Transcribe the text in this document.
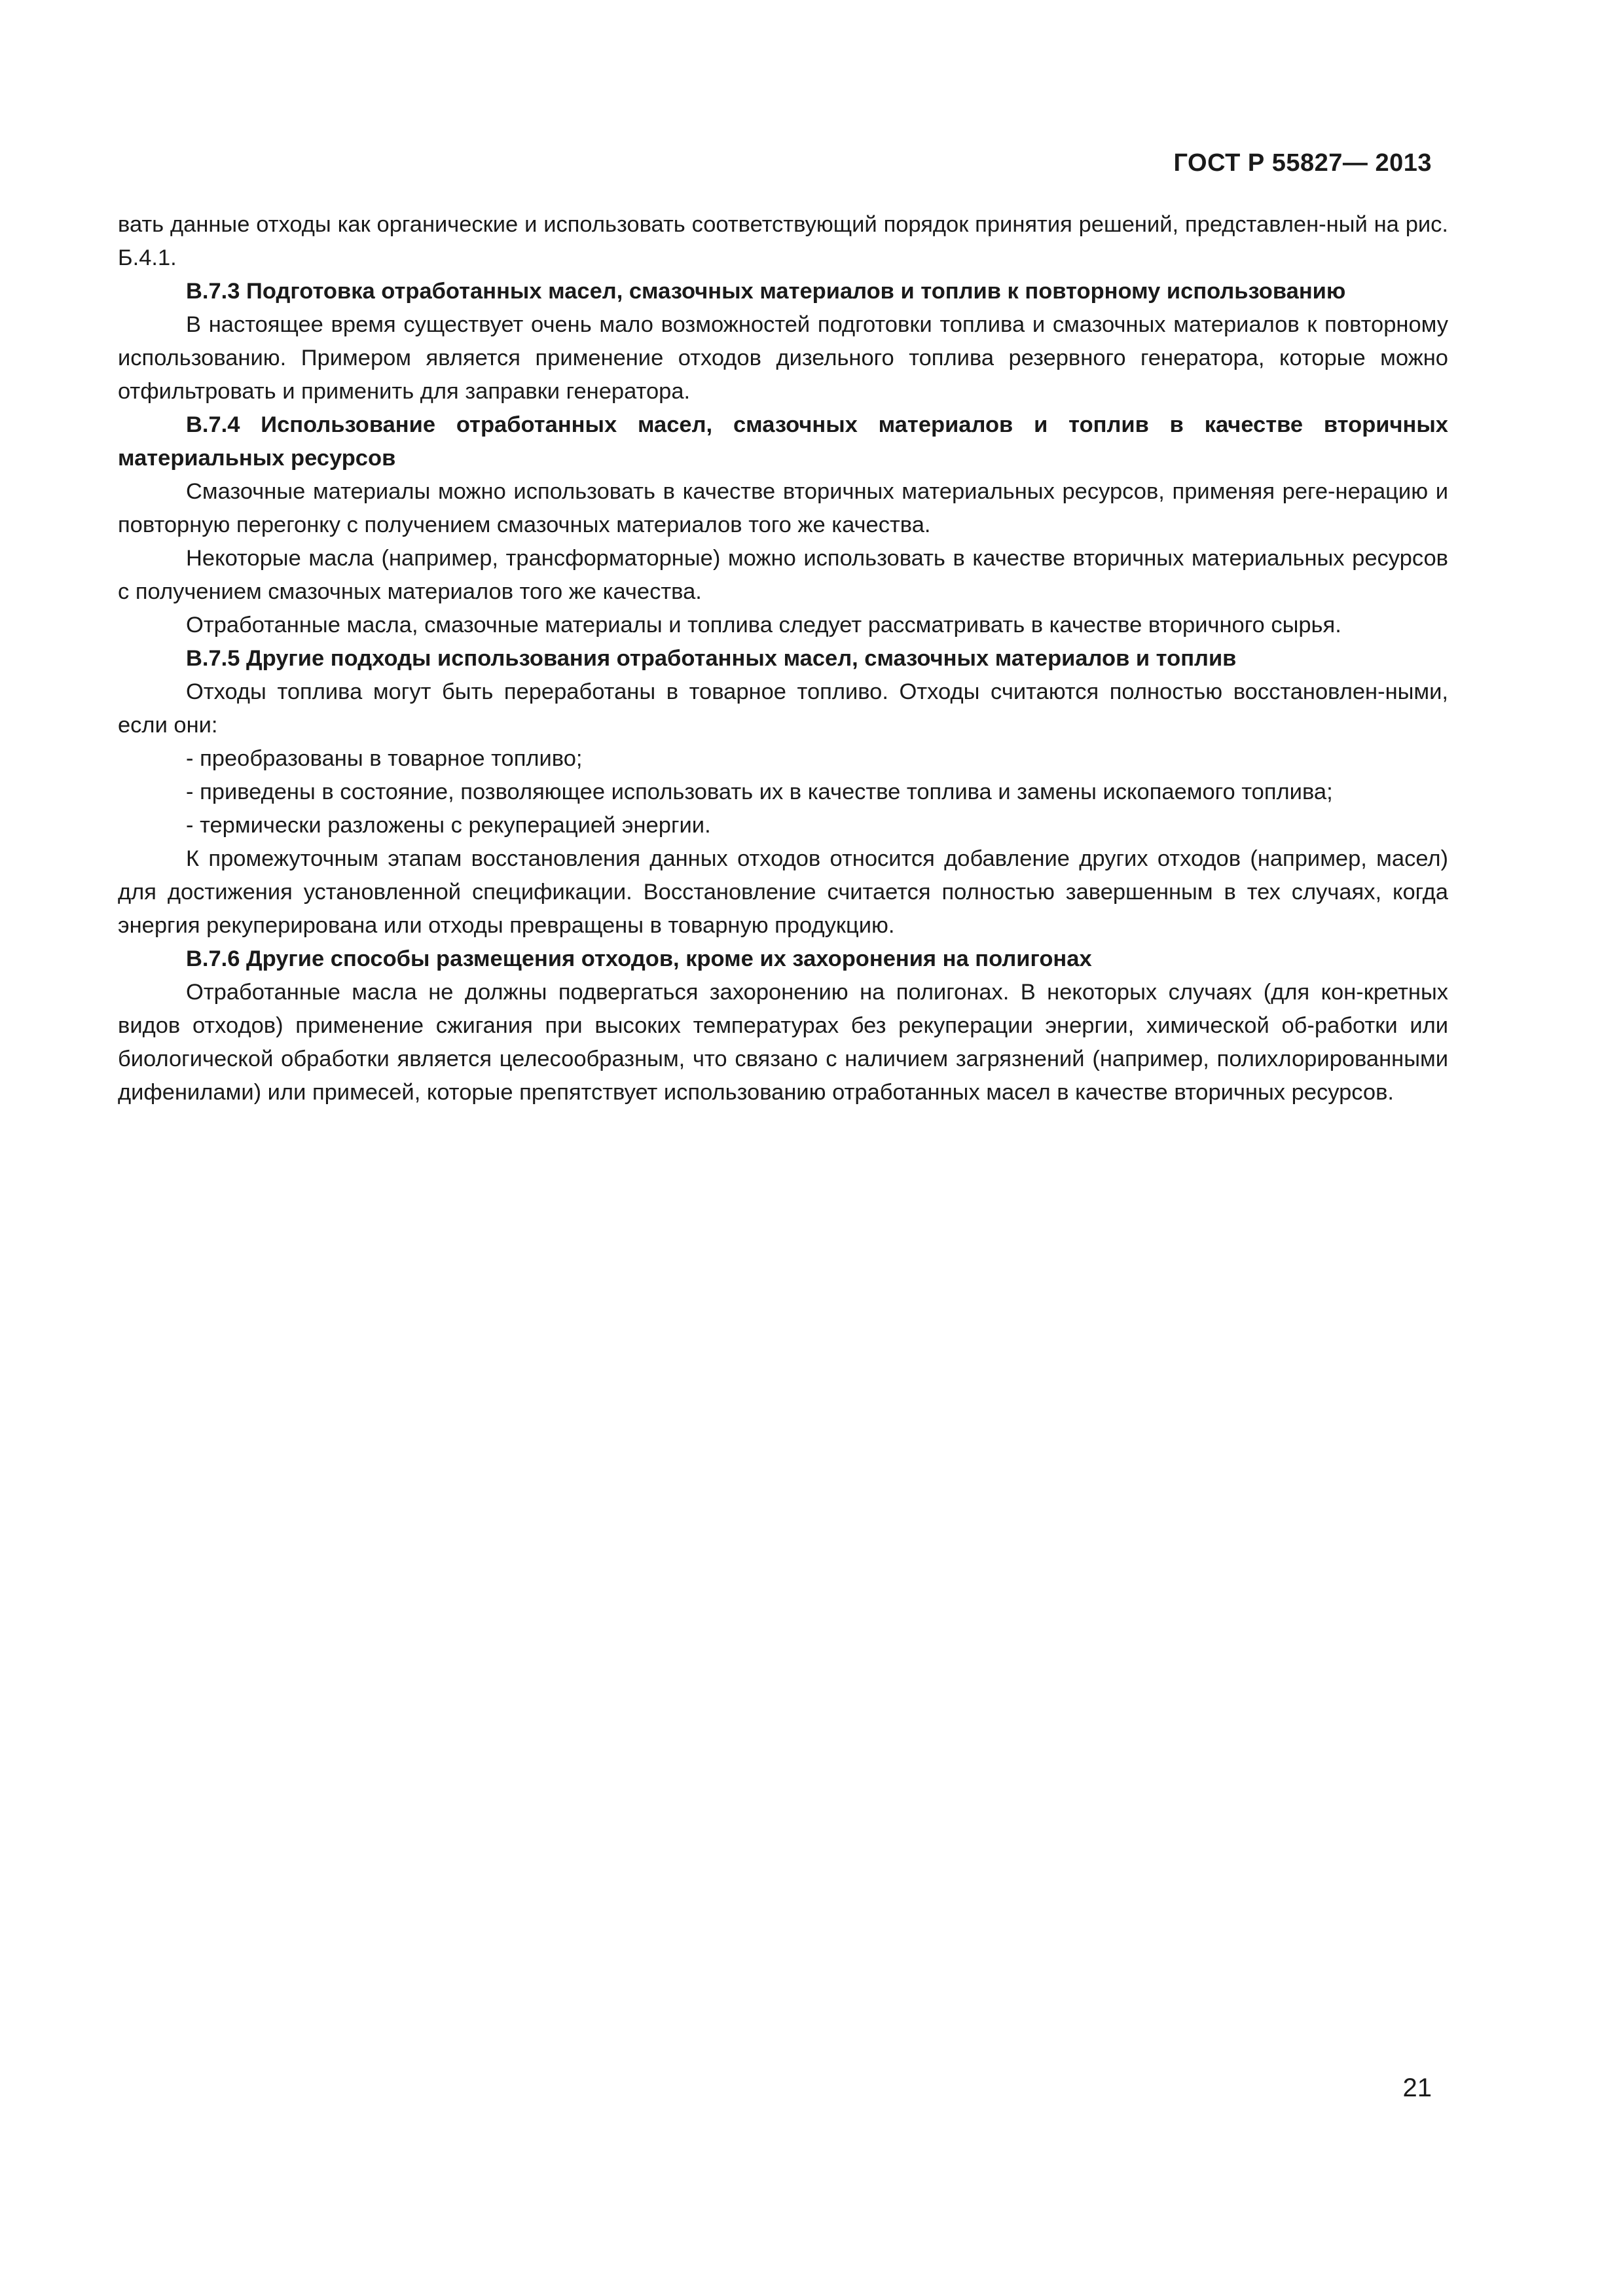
ГОСТ Р 55827— 2013

вать данные отходы как органические и использовать соответствующий порядок принятия решений, представлен-ный на рис. Б.4.1.

В.7.3 Подготовка отработанных масел, смазочных материалов и топлив к повторному использованию

В настоящее время существует очень мало возможностей подготовки топлива и смазочных материалов к повторному использованию. Примером является применение отходов дизельного топлива резервного генератора, которые можно отфильтровать и применить для заправки генератора.

В.7.4 Использование отработанных масел, смазочных материалов и топлив в качестве вторичных материальных ресурсов

Смазочные материалы можно использовать в качестве вторичных материальных ресурсов, применяя реге-нерацию и повторную перегонку с получением смазочных материалов того же качества.

Некоторые масла (например, трансформаторные) можно использовать в качестве вторичных материальных ресурсов с получением смазочных материалов того же качества.

Отработанные масла, смазочные материалы и топлива следует рассматривать в качестве вторичного сырья.

В.7.5 Другие подходы использования отработанных масел, смазочных материалов и топлив

Отходы топлива могут быть переработаны в товарное топливо. Отходы считаются полностью восстановлен-ными, если они:

- преобразованы в товарное топливо;

- приведены в состояние, позволяющее использовать их в качестве топлива и замены ископаемого топлива;

- термически разложены с рекуперацией энергии.

К промежуточным этапам восстановления данных отходов относится добавление других отходов (например, масел) для достижения установленной спецификации. Восстановление считается полностью завершенным в тех случаях, когда энергия рекуперирована или отходы превращены в товарную продукцию.

В.7.6 Другие способы размещения отходов, кроме их захоронения на полигонах

Отработанные масла не должны подвергаться захоронению на полигонах. В некоторых случаях (для кон-кретных видов отходов) применение сжигания при высоких температурах без рекуперации энергии, химической об-работки или биологической обработки является целесообразным, что связано с наличием загрязнений (например, полихлорированными дифенилами) или примесей, которые препятствует использованию отработанных масел в качестве вторичных ресурсов.

21
